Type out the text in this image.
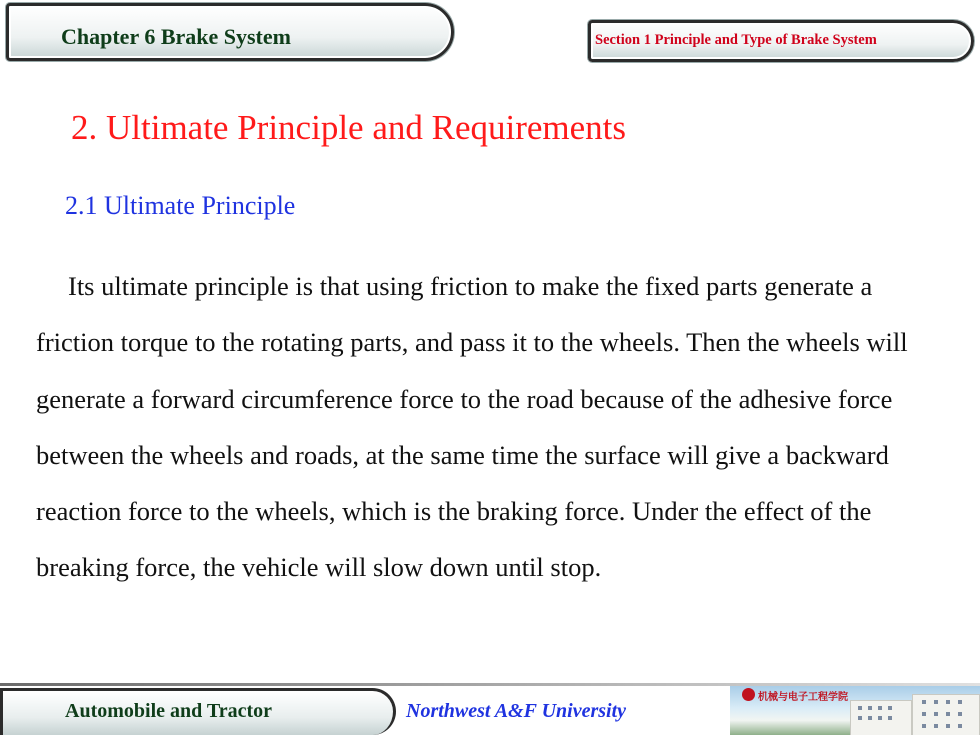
Chapter 6 Brake System	Section 1 Principle and Type of Brake System
2. Ultimate Principle and Requirements
2.1 Ultimate Principle

Its ultimate principle is that using friction to make the fixed parts generate a friction torque to the rotating parts, and pass it to the wheels. Then the wheels will generate a forward circumference force to the road because of the adhesive force between the wheels and roads, at the same time the surface will give a backward reaction force to the wheels, which is the braking force. Under the effect of the breaking force, the vehicle will slow down until stop.

Automobile and Tractor	Northwest A&F University
机械与电子工程学院
